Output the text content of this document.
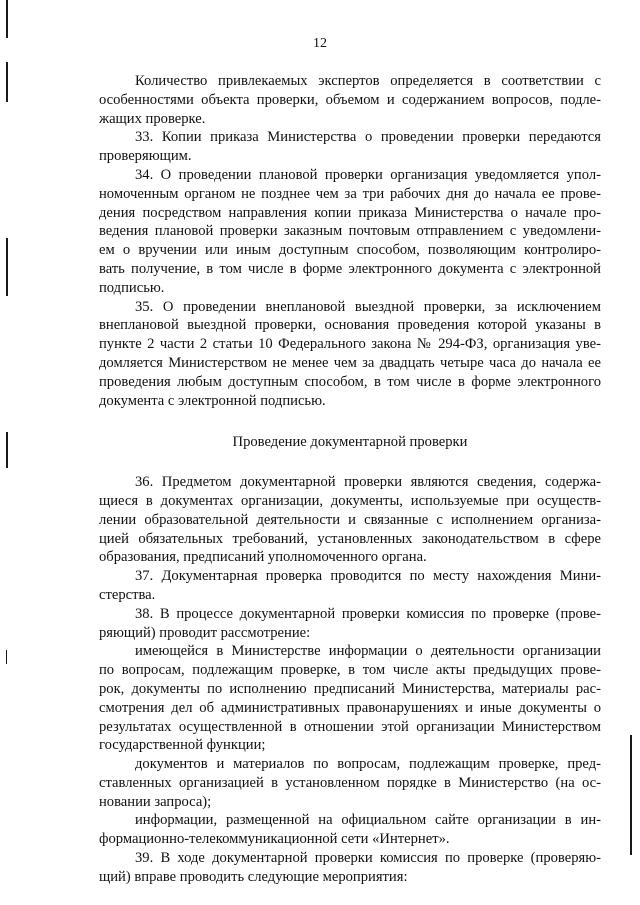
12
Количество привлекаемых экспертов определяется в соответствии с
особенностями объекта проверки, объемом и содержанием вопросов, подле-
жащих проверке.
33. Копии приказа Министерства о проведении проверки передаются
проверяющим.
34. О проведении плановой проверки организация уведомляется упол-
номоченным органом не позднее чем за три рабочих дня до начала ее прове-
дения посредством направления копии приказа Министерства о начале про-
ведения плановой проверки заказным почтовым отправлением с уведомлени-
ем о вручении или иным доступным способом, позволяющим контролиро-
вать получение, в том числе в форме электронного документа с электронной
подписью.
35. О проведении внеплановой выездной проверки, за исключением
внеплановой выездной проверки, основания проведения которой указаны в
пункте 2 части 2 статьи 10 Федерального закона № 294-ФЗ, организация уве-
домляется Министерством не менее чем за двадцать четыре часа до начала ее
проведения любым доступным способом, в том числе в форме электронного
документа с электронной подписью.
Проведение документарной проверки
36. Предметом документарной проверки являются сведения, содержа-
щиеся в документах организации, документы, используемые при осуществ-
лении образовательной деятельности и связанные с исполнением организа-
цией обязательных требований, установленных законодательством в сфере
образования, предписаний уполномоченного органа.
37. Документарная проверка проводится по месту нахождения Мини-
стерства.
38. В процессе документарной проверки комиссия по проверке (прове-
ряющий) проводит рассмотрение:
имеющейся в Министерстве информации о деятельности организации
по вопросам, подлежащим проверке, в том числе акты предыдущих прове-
рок, документы по исполнению предписаний Министерства, материалы рас-
смотрения дел об административных правонарушениях и иные документы о
результатах осуществленной в отношении этой организации Министерством
государственной функции;
документов и материалов по вопросам, подлежащим проверке, пред-
ставленных организацией в установленном порядке в Министерство (на ос-
новании запроса);
информации, размещенной на официальном сайте организации в ин-
формационно-телекоммуникационной сети «Интернет».
39. В ходе документарной проверки комиссия по проверке (проверяю-
щий) вправе проводить следующие мероприятия:
